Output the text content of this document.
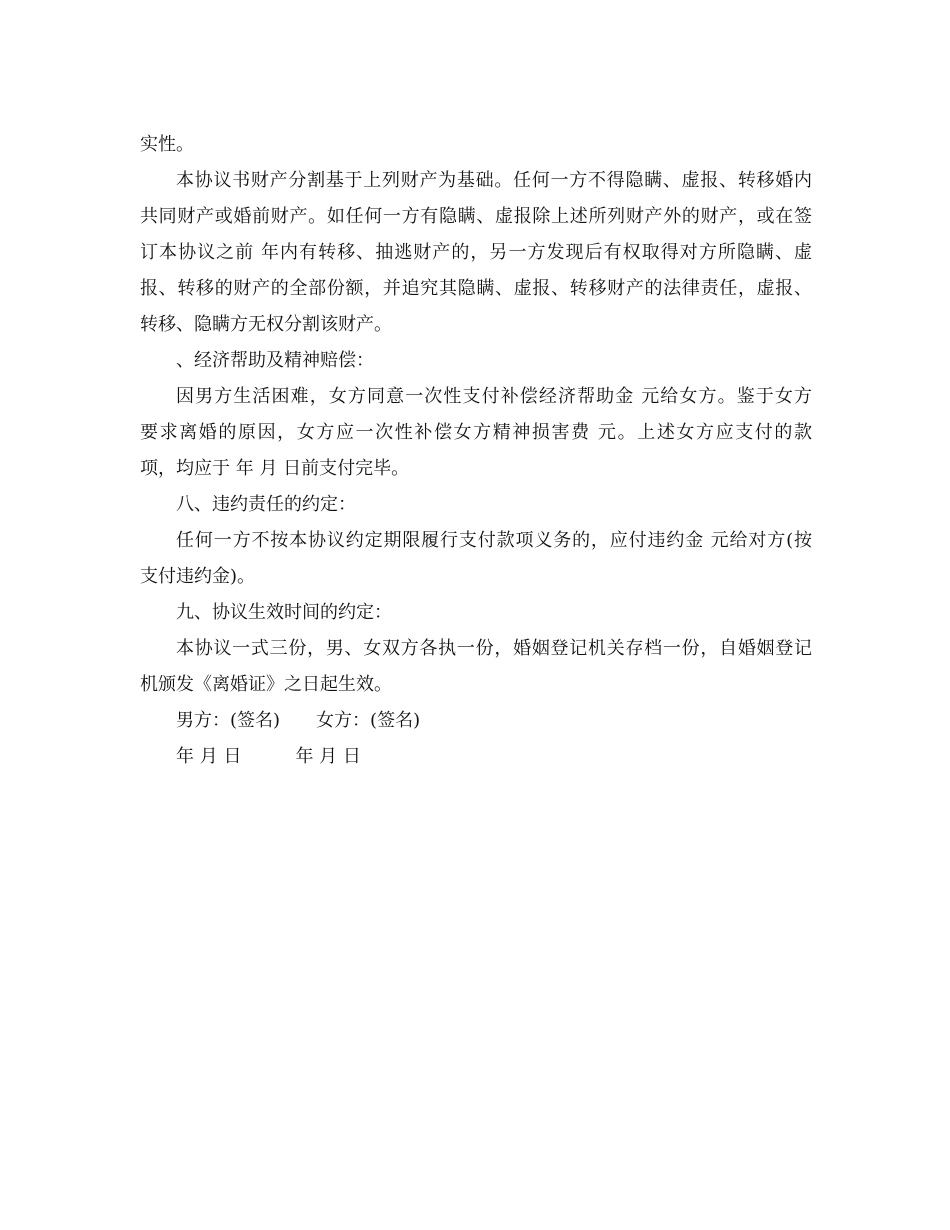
实性。

本协议书财产分割基于上列财产为基础。任何一方不得隐瞒、虚报、转移婚内
共同财产或婚前财产。如任何一方有隐瞒、虚报除上述所列财产外的财产，或在签
订本协议之前 年内有转移、抽逃财产的，另一方发现后有权取得对方所隐瞒、虚
报、转移的财产的全部份额，并追究其隐瞒、虚报、转移财产的法律责任，虚报、
转移、隐瞒方无权分割该财产。

、经济帮助及精神赔偿：

因男方生活困难，女方同意一次性支付补偿经济帮助金 元给女方。鉴于女方
要求离婚的原因，女方应一次性补偿女方精神损害费 元。上述女方应支付的款
项，均应于 年 月 日前支付完毕。

八、违约责任的约定：

任何一方不按本协议约定期限履行支付款项义务的，应付违约金 元给对方(按
支付违约金)。

九、协议生效时间的约定：

本协议一式三份，男、女双方各执一份，婚姻登记机关存档一份，自婚姻登记
机颁发《离婚证》之日起生效。

男方：(签名)　　女方：(签名)

年 月 日　　　年 月 日
